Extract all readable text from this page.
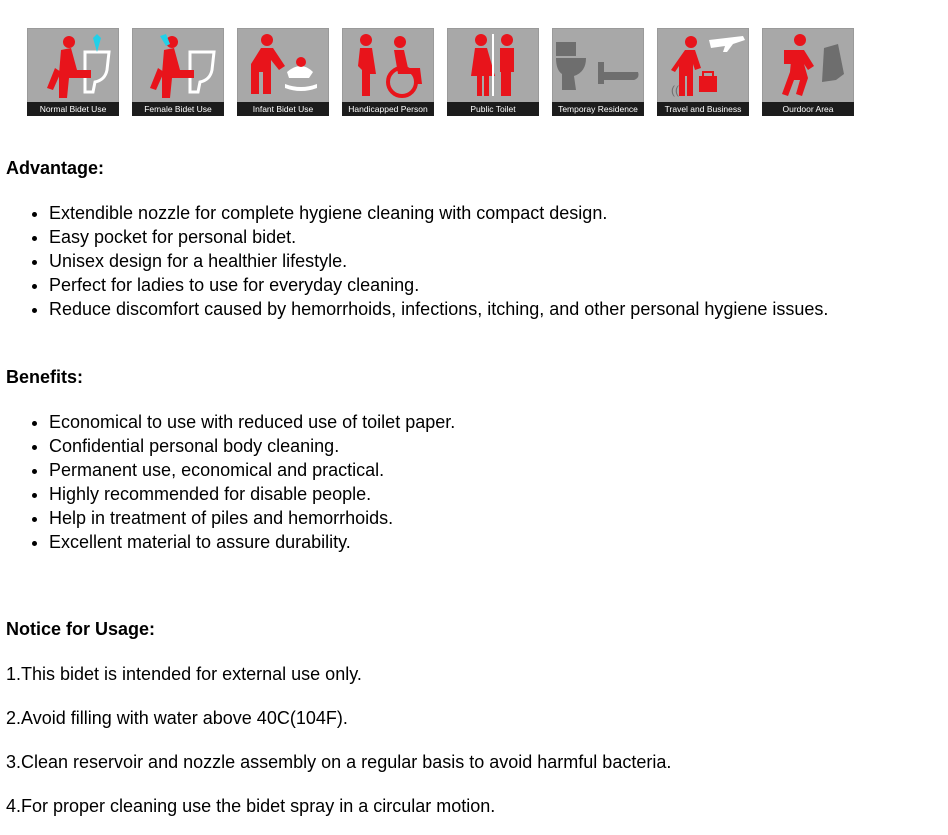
Normal Bidet Use	Female Bidet Use	Infant Bidet Use	Handicapped Person	Public Toilet	Temporay Residence
((
Travel and Business	Ourdoor Area
Advantage:
• Extendible nozzle for complete hygiene cleaning with compact design.
• Easy pocket for personal bidet.
• Unisex design for a healthier lifestyle.
• Perfect for ladies to use for everyday cleaning.
• Reduce discomfort caused by hemorrhoids, infections, itching, and other personal hygiene issues.
Benefits:
• Economical to use with reduced use of toilet paper.
• Confidential personal body cleaning.
• Permanent use, economical and practical.
• Highly recommended for disable people.
• Help in treatment of piles and hemorrhoids.
• Excellent material to assure durability.
Notice for Usage:

1.This bidet is intended for external use only.

2.Avoid filling with water above 40C(104F).

3.Clean reservoir and nozzle assembly on a regular basis to avoid harmful bacteria.

4.For proper cleaning use the bidet spray in a circular motion.
